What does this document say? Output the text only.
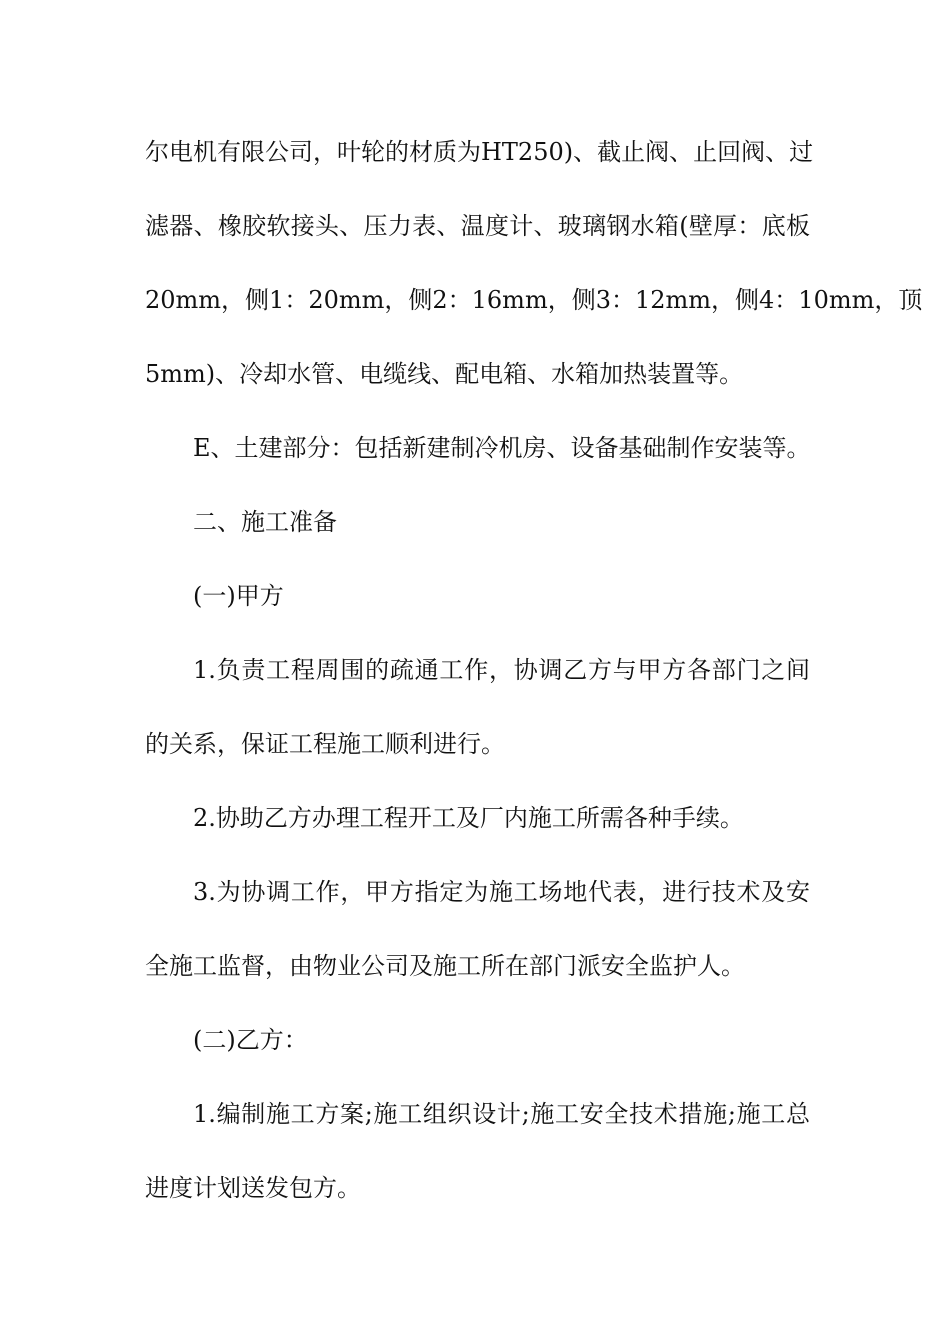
尔电机有限公司，叶轮的材质为HT250)、截止阀、止回阀、过
滤器、橡胶软接头、压力表、温度计、玻璃钢水箱(壁厚：底板
20mm，侧1：20mm，侧2：16mm，侧3：12mm，侧4：10mm，顶
5mm)、冷却水管、电缆线、配电箱、水箱加热装置等。
E、土建部分：包括新建制冷机房、设备基础制作安装等。
二、施工准备
(一)甲方
1.负责工程周围的疏通工作，协调乙方与甲方各部门之间
的关系，保证工程施工顺利进行。
2.协助乙方办理工程开工及厂内施工所需各种手续。
3.为协调工作，甲方指定为施工场地代表，进行技术及安
全施工监督，由物业公司及施工所在部门派安全监护人。
(二)乙方：
1.编制施工方案;施工组织设计;施工安全技术措施;施工总
进度计划送发包方。
